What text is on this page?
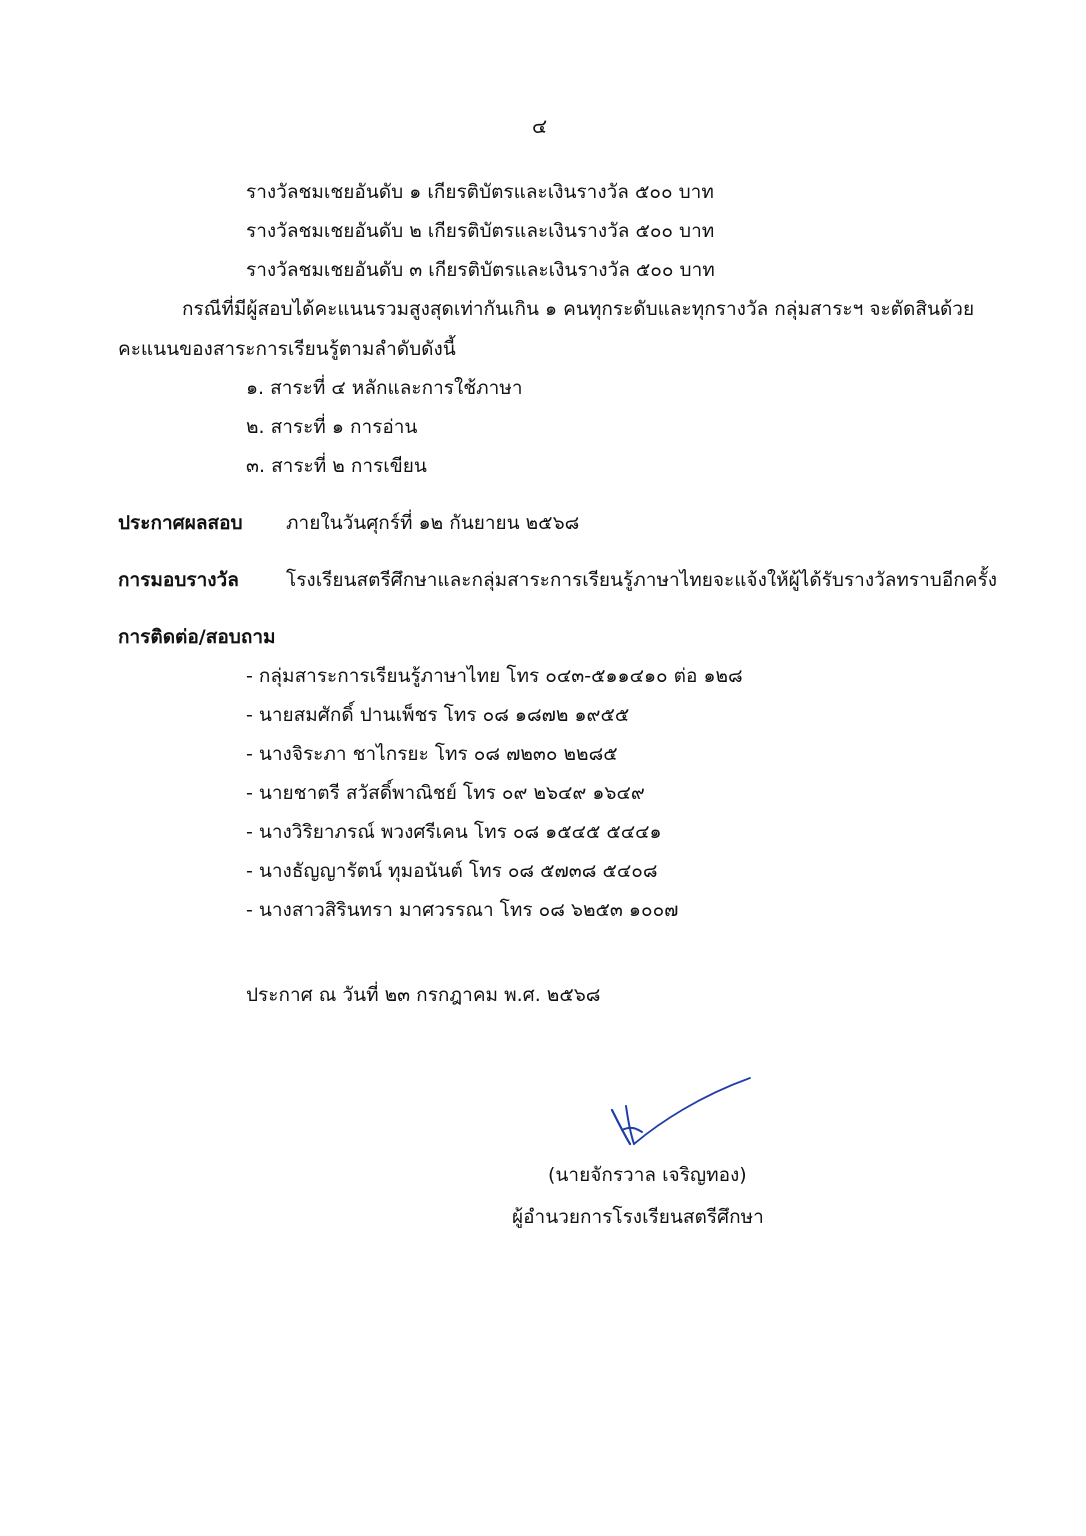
๔
รางวัลชมเชยอันดับ ๑ เกียรติบัตรและเงินรางวัล ๕๐๐ บาท
รางวัลชมเชยอันดับ ๒ เกียรติบัตรและเงินรางวัล ๕๐๐ บาท
รางวัลชมเชยอันดับ ๓ เกียรติบัตรและเงินรางวัล ๕๐๐ บาท
กรณีที่มีผู้สอบได้คะแนนรวมสูงสุดเท่ากันเกิน ๑ คนทุกระดับและทุกรางวัล กลุ่มสาระฯ จะตัดสินด้วย
คะแนนของสาระการเรียนรู้ตามลำดับดังนี้
๑. สาระที่ ๔ หลักและการใช้ภาษา
๒. สาระที่ ๑ การอ่าน
๓. สาระที่ ๒ การเขียน
ประกาศผลสอบ ภายในวันศุกร์ที่ ๑๒ กันยายน ๒๕๖๘
การมอบรางวัล โรงเรียนสตรีศึกษาและกลุ่มสาระการเรียนรู้ภาษาไทยจะแจ้งให้ผู้ได้รับรางวัลทราบอีกครั้ง
การติดต่อ/สอบถาม
- กลุ่มสาระการเรียนรู้ภาษาไทย โทร ๐๔๓-๕๑๑๔๑๐ ต่อ ๑๒๘
- นายสมศักดิ์ ปานเพ็ชร โทร ๐๘ ๑๘๗๒ ๑๙๕๕
- นางจิระภา ชาไกรยะ โทร ๐๘ ๗๒๓๐ ๒๒๘๕
- นายชาตรี สวัสดิ์พาณิชย์ โทร ๐๙ ๒๖๔๙ ๑๖๔๙
- นางวิริยาภรณ์ พวงศรีเคน โทร ๐๘ ๑๕๔๕ ๕๔๔๑
- นางธัญญารัตน์ ทุมอนันต์ โทร ๐๘ ๕๗๓๘ ๕๔๐๘
- นางสาวสิรินทรา มาศวรรณา โทร ๐๘ ๖๒๕๓ ๑๐๐๗
ประกาศ ณ วันที่ ๒๓ กรกฎาคม พ.ศ. ๒๕๖๘
(นายจักรวาล เจริญทอง)
ผู้อำนวยการโรงเรียนสตรีศึกษา
